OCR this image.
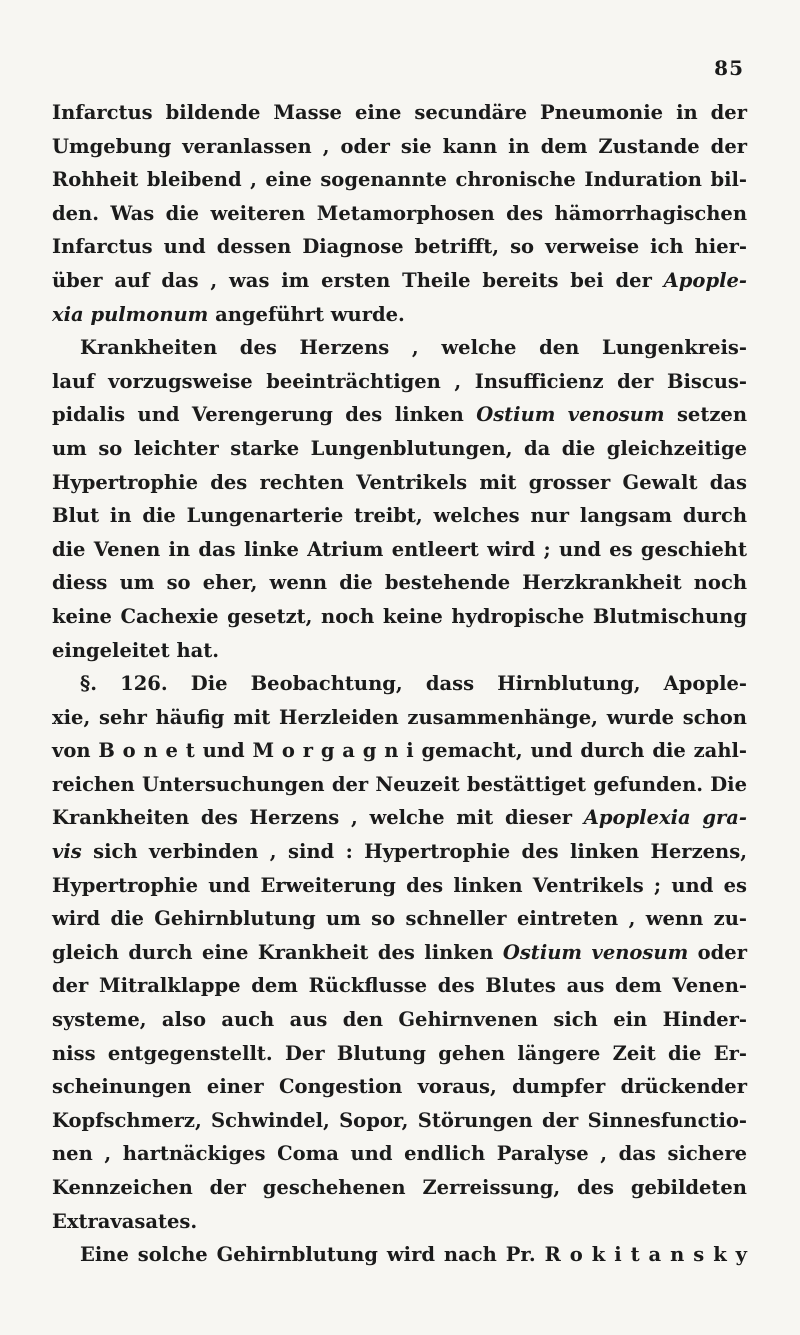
85
Infarctus bildende Masse eine secundäre Pneumonie in der
Umgebung veranlassen , oder sie kann in dem Zustande der
Rohheit bleibend , eine sogenannte chronische Induration bil-
den. Was die weiteren Metamorphosen des hämorrhagischen
Infarctus und dessen Diagnose betrifft, so verweise ich hier-
über auf das , was im ersten Theile bereits bei der Apople-
xia pulmonum angeführt wurde.
Krankheiten des Herzens , welche den Lungenkreis-
lauf vorzugsweise beeinträchtigen , Insufficienz der Biscus-
pidalis und Verengerung des linken Ostium venosum setzen
um so leichter starke Lungenblutungen, da die gleichzeitige
Hypertrophie des rechten Ventrikels mit grosser Gewalt das
Blut in die Lungenarterie treibt, welches nur langsam durch
die Venen in das linke Atrium entleert wird ; und es geschieht
diess um so eher, wenn die bestehende Herzkrankheit noch
keine Cachexie gesetzt, noch keine hydropische Blutmischung
eingeleitet hat.
§. 126. Die Beobachtung, dass Hirnblutung, Apople-
xie, sehr häufig mit Herzleiden zusammenhänge, wurde schon
von B o n e t und M o r g a g n i gemacht, und durch die zahl-
reichen Untersuchungen der Neuzeit bestättiget gefunden. Die
Krankheiten des Herzens , welche mit dieser Apoplexia gra-
vis sich verbinden , sind : Hypertrophie des linken Herzens,
Hypertrophie und Erweiterung des linken Ventrikels ; und es
wird die Gehirnblutung um so schneller eintreten , wenn zu-
gleich durch eine Krankheit des linken Ostium venosum oder
der Mitralklappe dem Rückflusse des Blutes aus dem Venen-
systeme, also auch aus den Gehirnvenen sich ein Hinder-
niss entgegenstellt. Der Blutung gehen längere Zeit die Er-
scheinungen einer Congestion voraus, dumpfer drückender
Kopfschmerz, Schwindel, Sopor, Störungen der Sinnesfunctio-
nen , hartnäckiges Coma und endlich Paralyse , das sichere
Kennzeichen der geschehenen Zerreissung, des gebildeten
Extravasates.
Eine solche Gehirnblutung wird nach Pr. R o k i t a n s k y
